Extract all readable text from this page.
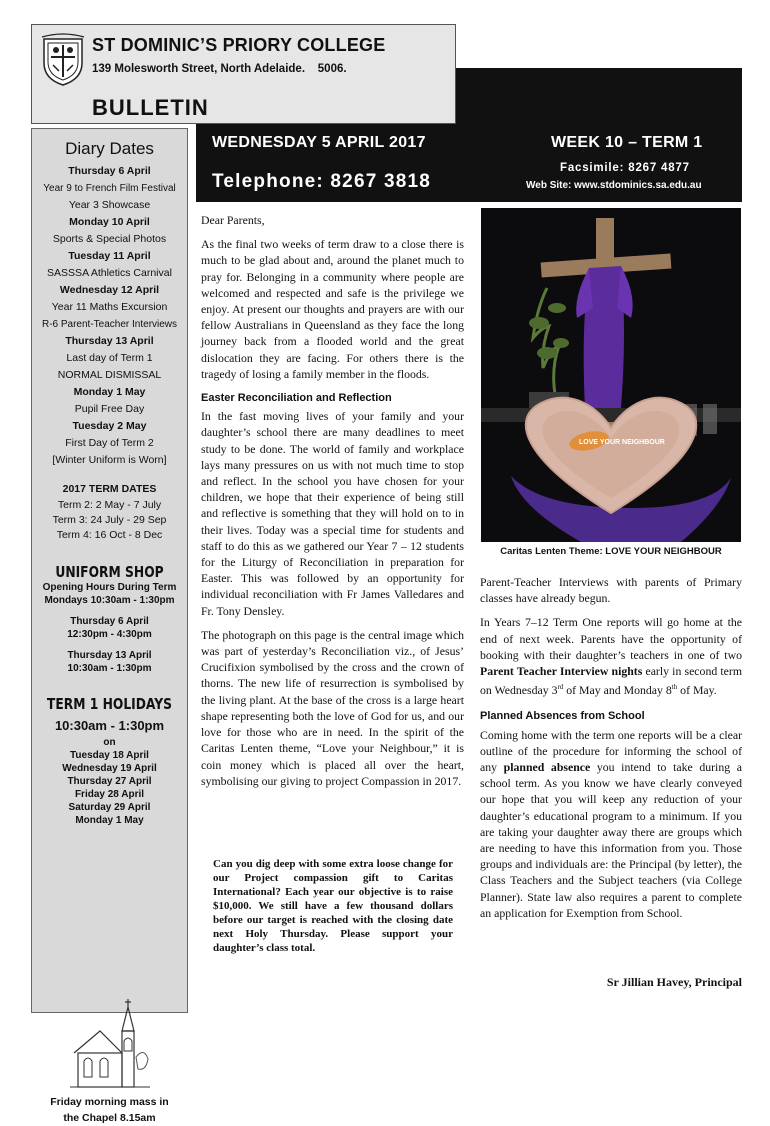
WEDNESDAY 5 APRIL 2017	WEEK 10 – TERM 1
Facsimile: 8267 4877
Telephone: 8267 3818	Web Site: www.stdominics.sa.edu.au
ST DOMINIC’S PRIORY COLLEGE
139 Molesworth Street, North Adelaide.    5006.
BULLETIN
Diary Dates
Thursday 6 April
Year 9 to French Film Festival
Year 3 Showcase
Monday 10 April
Sports & Special Photos
Tuesday 11 April
SASSSA Athletics Carnival
Wednesday 12 April
Year 11 Maths Excursion
R-6 Parent-Teacher Interviews
Thursday 13 April
Last day of Term 1
NORMAL DISMISSAL
Monday 1 May
Pupil Free Day
Tuesday 2 May
First Day of Term 2
[Winter Uniform is Worn]
2017 TERM DATES
Term 2: 2 May - 7 July
Term 3: 24 July - 29 Sep
Term 4: 16 Oct - 8 Dec
UNIFORM SHOP
Opening Hours During Term
Mondays 10:30am - 1:30pm
Thursday 6 April
12:30pm - 4:30pm
Thursday 13 April
10:30am - 1:30pm
TERM 1 HOLIDAYS
10:30am - 1:30pm
on
Tuesday 18 April
Wednesday 19 April
Thursday 27 April
Friday 28 April
Saturday 29 April
Monday 1 May
Friday morning mass in
the Chapel 8.15am

Dear Parents,

As the final two weeks of term draw to a close there is much to be glad about and, around the planet much to pray for. Belonging in a community where people are welcomed and respected and safe is the privilege we enjoy. At present our thoughts and prayers are with our fellow Australians in Queensland as they face the long journey back from a flooded world and the great dislocation they are facing. For others there is the tragedy of losing a family member in the floods.

Easter Reconciliation and Reflection

In the fast moving lives of your family and your daughter’s school there are many deadlines to meet study to be done. The world of family and workplace lays many pressures on us with not much time to stop and reflect. In the school you have chosen for your children, we hope that their experience of being still and reflective is something that they will hold on to in their lives. Today was a special time for students and staff to do this as we gathered our Year 7 – 12 students for the Liturgy of Reconciliation in preparation for Easter. This was followed by an opportunity for individual reconciliation with Fr James Valledares and Fr. Tony Densley.

The photograph on this page is the central image which was part of yesterday’s Reconciliation viz., of Jesus’ Crucifixion symbolised by the cross and the crown of thorns. The new life of resurrection is symbolised by the living plant. At the base of the cross is a large heart shape representing both the love of God for us, and our love for those who are in need. In the spirit of the Caritas Lenten theme, “Love your Neighbour,” it is coin money which is placed all over the heart, symbolising our giving to project Compassion in 2017.

Can you dig deep with some extra loose change for our Project compassion gift to Caritas International? Each year our objective is to raise $10,000. We still have a few thousand dollars before our target is reached with the closing date next Holy Thursday. Please support your daughter’s class total.
LOVE YOUR NEIGHBOUR
Caritas Lenten Theme: LOVE YOUR NEIGHBOUR

Parent-Teacher Interviews with parents of Primary classes have already begun.

In Years 7–12 Term One reports will go home at the end of next week. Parents have the opportunity of booking with their daughter’s teachers in one of two Parent Teacher Interview nights early in second term on Wednesday 3rd of May and Monday 8th of May.

Planned Absences from School

Coming home with the term one reports will be a clear outline of the procedure for informing the school of any planned absence you intend to take during a school term. As you know we have clearly conveyed our hope that you will keep any reduction of your daughter’s educational program to a minimum. If you are taking your daughter away there are groups which are needing to have this information from you. Those groups and individuals are: the Principal (by letter), the Class Teachers and the Subject teachers (via College Planner). State law also requires a parent to complete an application for Exemption from School.

Sr Jillian Havey, Principal
